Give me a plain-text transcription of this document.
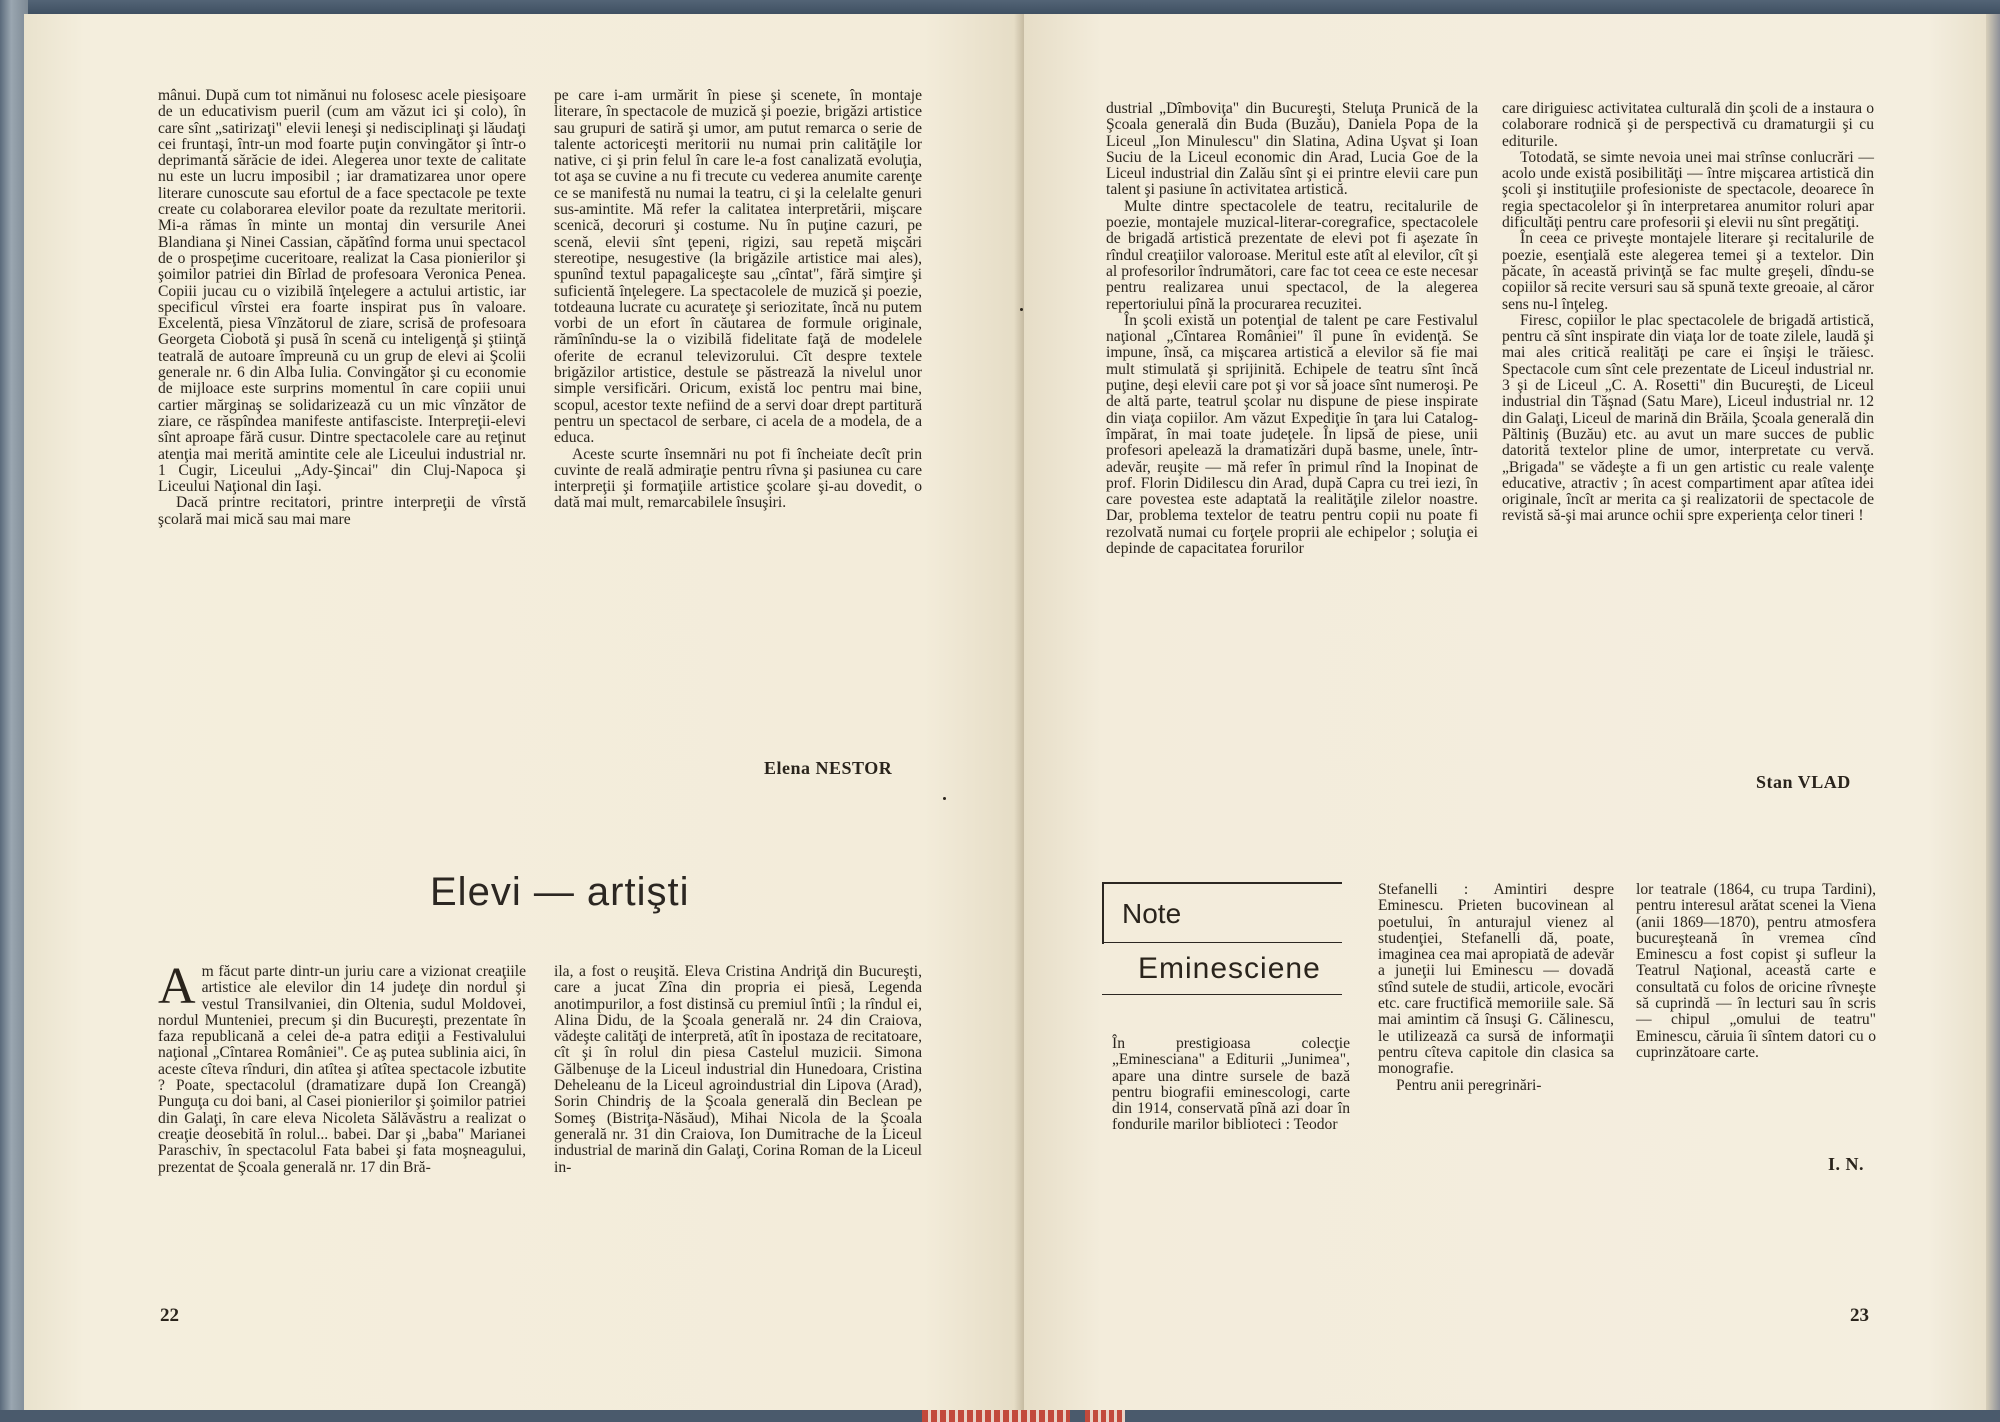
mânui. După cum tot nimănui nu folosesc acele piesişoare de un educativism pueril (cum am văzut ici şi colo), în care sînt „satirizaţi" elevii leneşi şi nedisciplinaţi şi lăudaţi cei fruntaşi, într-un mod foarte puţin convingător şi într-o deprimantă sărăcie de idei. Alegerea unor texte de calitate nu este un lucru imposibil ; iar dramatizarea unor opere literare cunoscute sau efortul de a face spectacole pe texte create cu colaborarea elevilor poate da rezultate meritorii. Mi-a rămas în minte un montaj din versurile Anei Blandiana şi Ninei Cassian, căpătînd forma unui spectacol de o prospeţime cuceritoare, realizat la Casa pionierilor şi şoimilor patriei din Bîrlad de profesoara Veronica Penea. Copiii jucau cu o vizibilă înţelegere a actului artistic, iar specificul vîrstei era foarte inspirat pus în valoare. Excelentă, piesa Vînzătorul de ziare, scrisă de profesoara Georgeta Ciobotă şi pusă în scenă cu inteligenţă şi ştiinţă teatrală de autoare împreună cu un grup de elevi ai Şcolii generale nr. 6 din Alba Iulia. Convingător şi cu economie de mijloace este surprins momentul în care copiii unui cartier mărginaş se solidarizează cu un mic vînzător de ziare, ce răspîndea manifeste antifasciste. Interpreţii-elevi sînt aproape fără cusur. Dintre spectacolele care au reţinut atenţia mai merită amintite cele ale Liceului industrial nr. 1 Cugir, Liceului „Ady-Şincai" din Cluj-Napoca şi Liceului Naţional din Iaşi.

Dacă printre recitatori, printre interpreţii de vîrstă şcolară mai mică sau mai mare

pe care i-am urmărit în piese şi scenete, în montaje literare, în spectacole de muzică şi poezie, brigăzi artistice sau grupuri de satiră şi umor, am putut remarca o serie de talente actoriceşti meritorii nu numai prin calităţile lor native, ci şi prin felul în care le-a fost canalizată evoluţia, tot aşa se cuvine a nu fi trecute cu vederea anumite carenţe ce se manifestă nu numai la teatru, ci şi la celelalte genuri sus-amintite. Mă refer la calitatea interpretării, mişcare scenică, decoruri şi costume. Nu în puţine cazuri, pe scenă, elevii sînt ţepeni, rigizi, sau repetă mişcări stereotipe, nesugestive (la brigăzile artistice mai ales), spunînd textul papagaliceşte sau „cîntat", fără simţire şi suficientă înţelegere. La spectacolele de muzică şi poezie, totdeauna lucrate cu acurateţe şi seriozitate, încă nu putem vorbi de un efort în căutarea de formule originale, rămînîndu-se la o vizibilă fidelitate faţă de modelele oferite de ecranul televizorului. Cît despre textele brigăzilor artistice, destule se păstrează la nivelul unor simple versificări. Oricum, există loc pentru mai bine, scopul, acestor texte nefiind de a servi doar drept partitură pentru un spectacol de serbare, ci acela de a modela, de a educa.

Aceste scurte însemnări nu pot fi încheiate decît prin cuvinte de reală admiraţie pentru rîvna şi pasiunea cu care interpreţii şi formaţiile artistice şcolare şi-au dovedit, o dată mai mult, remarcabilele însuşiri.

Elena NESTOR
Elevi — artişti

Am făcut parte dintr-un juriu care a vizionat creaţiile artistice ale elevilor din 14 judeţe din nordul şi vestul Transilvaniei, din Oltenia, sudul Moldovei, nordul Munteniei, precum şi din Bucureşti, prezentate în faza republicană a celei de-a patra ediţii a Festivalului naţional „Cîntarea României". Ce aş putea sublinia aici, în aceste cîteva rînduri, din atîtea şi atîtea spectacole izbutite ? Poate, spectacolul (dramatizare după Ion Creangă) Punguţa cu doi bani, al Casei pionierilor şi şoimilor patriei din Galaţi, în care eleva Nicoleta Sălăvăstru a realizat o creaţie deosebită în rolul... babei. Dar şi „baba" Marianei Paraschiv, în spectacolul Fata babei şi fata moşneagului, prezentat de Şcoala generală nr. 17 din Bră-

ila, a fost o reuşită. Eleva Cristina Andriţă din Bucureşti, care a jucat Zîna din propria ei piesă, Legenda anotimpurilor, a fost distinsă cu premiul întîi ; la rîndul ei, Alina Didu, de la Şcoala generală nr. 24 din Craiova, vădeşte calităţi de interpretă, atît în ipostaza de recitatoare, cît şi în rolul din piesa Castelul muzicii. Simona Gălbenuşe de la Liceul industrial din Hunedoara, Cristina Deheleanu de la Liceul agroindustrial din Lipova (Arad), Sorin Chindriş de la Şcoala generală din Beclean pe Someş (Bistriţa-Năsăud), Mihai Nicola de la Şcoala generală nr. 31 din Craiova, Ion Dumitrache de la Liceul industrial de marină din Galaţi, Corina Roman de la Liceul in-

22

dustrial „Dîmboviţa" din Bucureşti, Steluţa Prunică de la Şcoala generală din Buda (Buzău), Daniela Popa de la Liceul „Ion Minulescu" din Slatina, Adina Uşvat şi Ioan Suciu de la Liceul economic din Arad, Lucia Goe de la Liceul industrial din Zalău sînt şi ei printre elevii care pun talent şi pasiune în activitatea artistică.

Multe dintre spectacolele de teatru, recitalurile de poezie, montajele muzical-literar-coregrafice, spectacolele de brigadă artistică prezentate de elevi pot fi aşezate în rîndul creaţiilor valoroase. Meritul este atît al elevilor, cît şi al profesorilor îndrumători, care fac tot ceea ce este necesar pentru realizarea unui spectacol, de la alegerea repertoriului pînă la procurarea recuzitei.

În şcoli există un potenţial de talent pe care Festivalul naţional „Cîntarea României" îl pune în evidenţă. Se impune, însă, ca mişcarea artistică a elevilor să fie mai mult stimulată şi sprijinită. Echipele de teatru sînt încă puţine, deşi elevii care pot şi vor să joace sînt numeroşi. Pe de altă parte, teatrul şcolar nu dispune de piese inspirate din viaţa copiilor. Am văzut Expediţie în ţara lui Catalog-împărat, în mai toate judeţele. În lipsă de piese, unii profesori apelează la dramatizări după basme, unele, într-adevăr, reuşite — mă refer în primul rînd la Inopinat de prof. Florin Didilescu din Arad, după Capra cu trei iezi, în care povestea este adaptată la realităţile zilelor noastre. Dar, problema textelor de teatru pentru copii nu poate fi rezolvată numai cu forţele proprii ale echipelor ; soluţia ei depinde de capacitatea forurilor

care diriguiesc activitatea culturală din şcoli de a instaura o colaborare rodnică şi de perspectivă cu dramaturgii şi cu editurile.

Totodată, se simte nevoia unei mai strînse conlucrări — acolo unde există posibilităţi — între mişcarea artistică din şcoli şi instituţiile profesioniste de spectacole, deoarece în regia spectacolelor şi în interpretarea anumitor roluri apar dificultăţi pentru care profesorii şi elevii nu sînt pregătiţi.

În ceea ce priveşte montajele literare şi recitalurile de poezie, esenţială este alegerea temei şi a textelor. Din păcate, în această privinţă se fac multe greşeli, dîndu-se copiilor să recite versuri sau să spună texte greoaie, al căror sens nu-l înţeleg.

Firesc, copiilor le plac spectacolele de brigadă artistică, pentru că sînt inspirate din viaţa lor de toate zilele, laudă şi mai ales critică realităţi pe care ei înşişi le trăiesc. Spectacole cum sînt cele prezentate de Liceul industrial nr. 3 şi de Liceul „C. A. Rosetti" din Bucureşti, de Liceul industrial din Tăşnad (Satu Mare), Liceul industrial nr. 12 din Galaţi, Liceul de marină din Brăila, Şcoala generală din Păltiniş (Buzău) etc. au avut un mare succes de public datorită textelor pline de umor, interpretate cu vervă. „Brigada" se vădeşte a fi un gen artistic cu reale valenţe educative, atractiv ; în acest compartiment apar atîtea idei originale, încît ar merita ca şi realizatorii de spectacole de revistă să-şi mai arunce ochii spre experienţa celor tineri !

Stan VLAD
Note
Eminesciene

În prestigioasa colecţie „Eminesciana" a Editurii „Junimea", apare una dintre sursele de bază pentru biografii eminescologi, carte din 1914, conservată pînă azi doar în fondurile marilor biblioteci : Teodor

Stefanelli : Amintiri despre Eminescu. Prieten bucovinean al poetului, în anturajul vienez al studenţiei, Stefanelli dă, poate, imaginea cea mai apropiată de adevăr a juneţii lui Eminescu — dovadă stînd sutele de studii, articole, evocări etc. care fructifică memoriile sale. Să mai amintim că însuşi G. Călinescu, le utilizează ca sursă de informaţii pentru cîteva capitole din clasica sa monografie.

Pentru anii peregrinări-

lor teatrale (1864, cu trupa Tardini), pentru interesul arătat scenei la Viena (anii 1869—1870), pentru atmosfera bucureşteană în vremea cînd Eminescu a fost copist şi sufleur la Teatrul Naţional, această carte e consultată cu folos de oricine rîvneşte să cuprindă — în lecturi sau în scris — chipul „omului de teatru" Eminescu, căruia îi sîntem datori cu o cuprinzătoare carte.

I. N.
23
